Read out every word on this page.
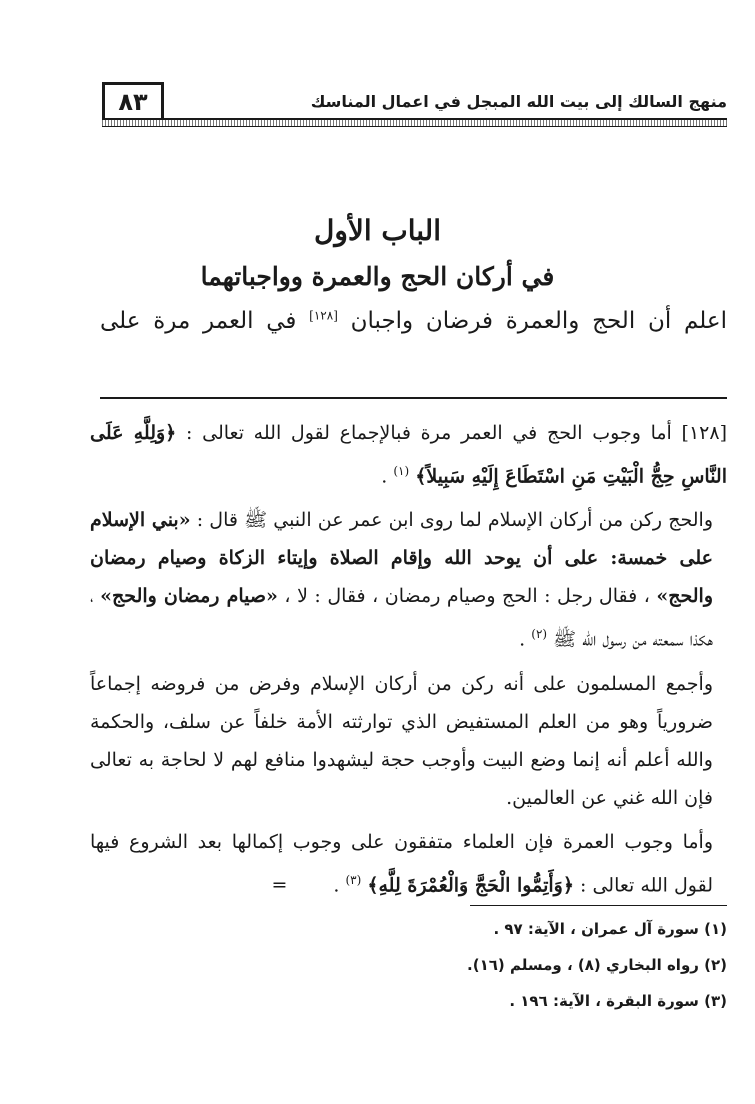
منهج السالك إلى بيت الله المبجل في اعمال المناسك
٨٣
الباب الأول
في أركان الحج والعمرة وواجباتهما
اعلم أن الحج والعمرة فرضان واجبان [١٢٨] في العمر مرة على

[١٢٨] أما وجوب الحج في العمر مرة فبالإجماع لقول الله تعالى : ﴿وَلِلَّهِ عَلَى النَّاسِ حِجُّ الْبَيْتِ مَنِ اسْتَطَاعَ إِلَيْهِ سَبِيلاً﴾ $^{(١)}$ .

والحج ركن من أركان الإسلام لما روى ابن عمر عن النبي ﷺ قال : «بني الإسلام على خمسة: على أن يوحد الله وإقام الصلاة وإيتاء الزكاة وصيام رمضان والحج» ، فقال رجل : الحج وصيام رمضان ، فقال : لا ، «صيام رمضان والحج» ، هكذا سمعته من رسول الله ﷺ $^{(٢)}$ .

وأجمع المسلمون على أنه ركن من أركان الإسلام وفرض من فروضه إجماعاً ضرورياً وهو من العلم المستفيض الذي توارثته الأمة خلفاً عن سلف، والحكمة والله أعلم أنه إنما وضع البيت وأوجب حجة ليشهدوا منافع لهم لا لحاجة به تعالى فإن الله غني عن العالمين.

وأما وجوب العمرة فإن العلماء متفقون على وجوب إكمالها بعد الشروع فيها لقول الله تعالى : ﴿وَأَتِمُّوا الْحَجَّ وَالْعُمْرَةَ لِلَّهِ﴾ $^{(٣)}$ . =

(١) سورة آل عمران ، الآية: ٩٧ .
(٢) رواه البخاري (٨) ، ومسلم (١٦).
(٣) سورة البقرة ، الآية: ١٩٦ .
